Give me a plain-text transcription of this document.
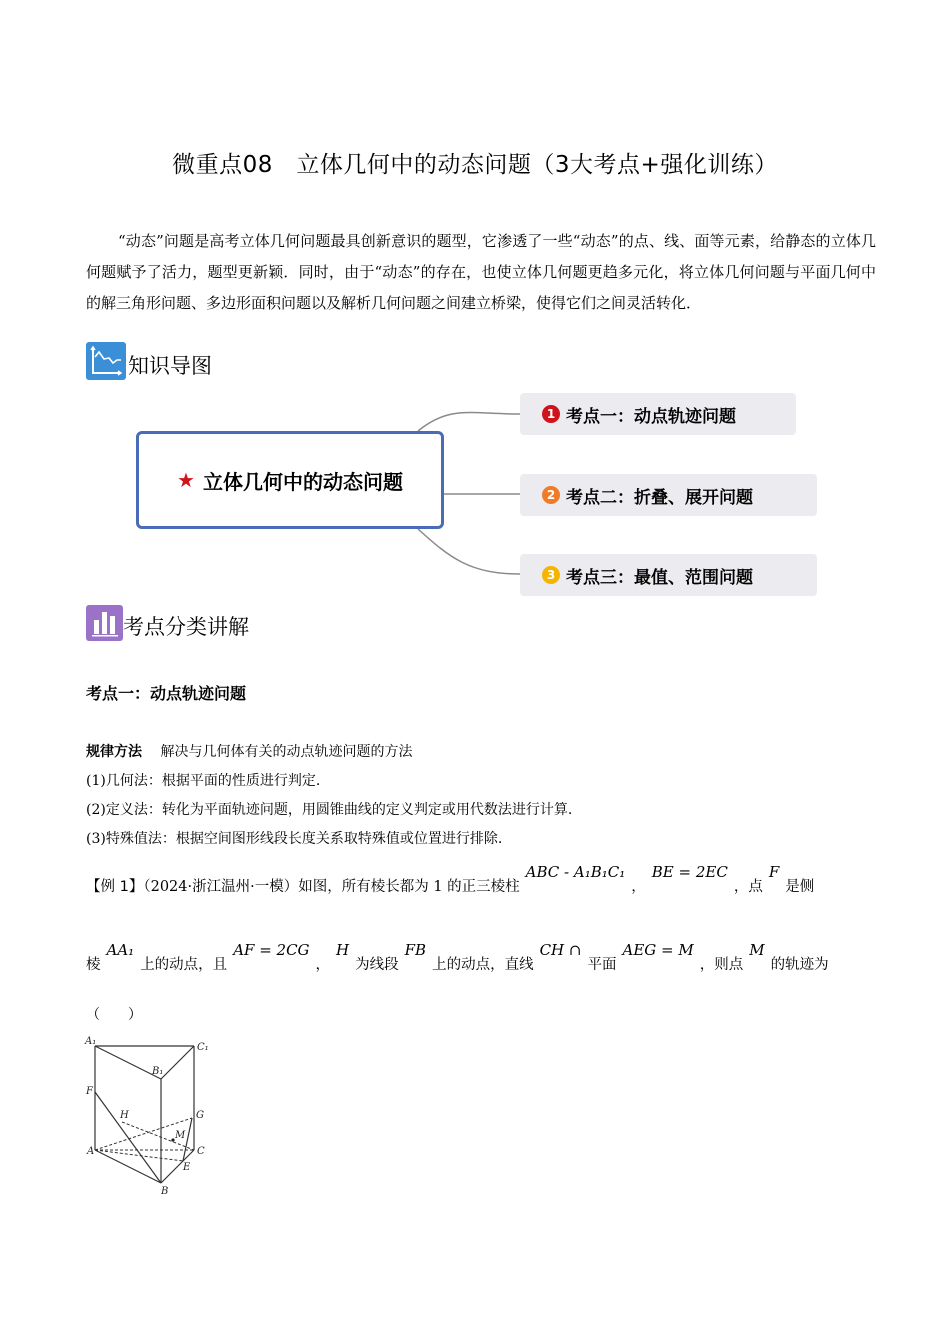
微重点08　立体几何中的动态问题（3大考点+强化训练）
“动态”问题是高考立体几何问题最具创新意识的题型，它渗透了一些“动态”的点、线、面等元素，给静态的立体几何题赋予了活力，题型更新颖．同时，由于“动态”的存在，也使立体几何题更趋多元化，将立体几何问题与平面几何中的解三角形问题、多边形面积问题以及解析几何问题之间建立桥梁，使得它们之间灵活转化．
知识导图
★ 立体几何中的动态问题
1 考点一：动点轨迹问题
2 考点二：折叠、展开问题
3 考点三：最值、范围问题
考点分类讲解
考点一：动点轨迹问题
规律方法 解决与几何体有关的动点轨迹问题的方法
(1)几何法：根据平面的性质进行判定.
(2)定义法：转化为平面轨迹问题，用圆锥曲线的定义判定或用代数法进行计算.
(3)特殊值法：根据空间图形线段长度关系取特殊值或位置进行排除.
【例 1】（2024·浙江温州·一模）如图，所有棱长都为 1 的正三棱柱ABC - A₁B₁C₁，BE = 2EC，点F是侧
棱AA₁上的动点，且AF = 2CG，H为线段FB上的动点，直线CH ∩平面AEG = M，则点M的轨迹为
（　　）
A₁
C₁
B₁
F
H	G
M
A	C
E
B
